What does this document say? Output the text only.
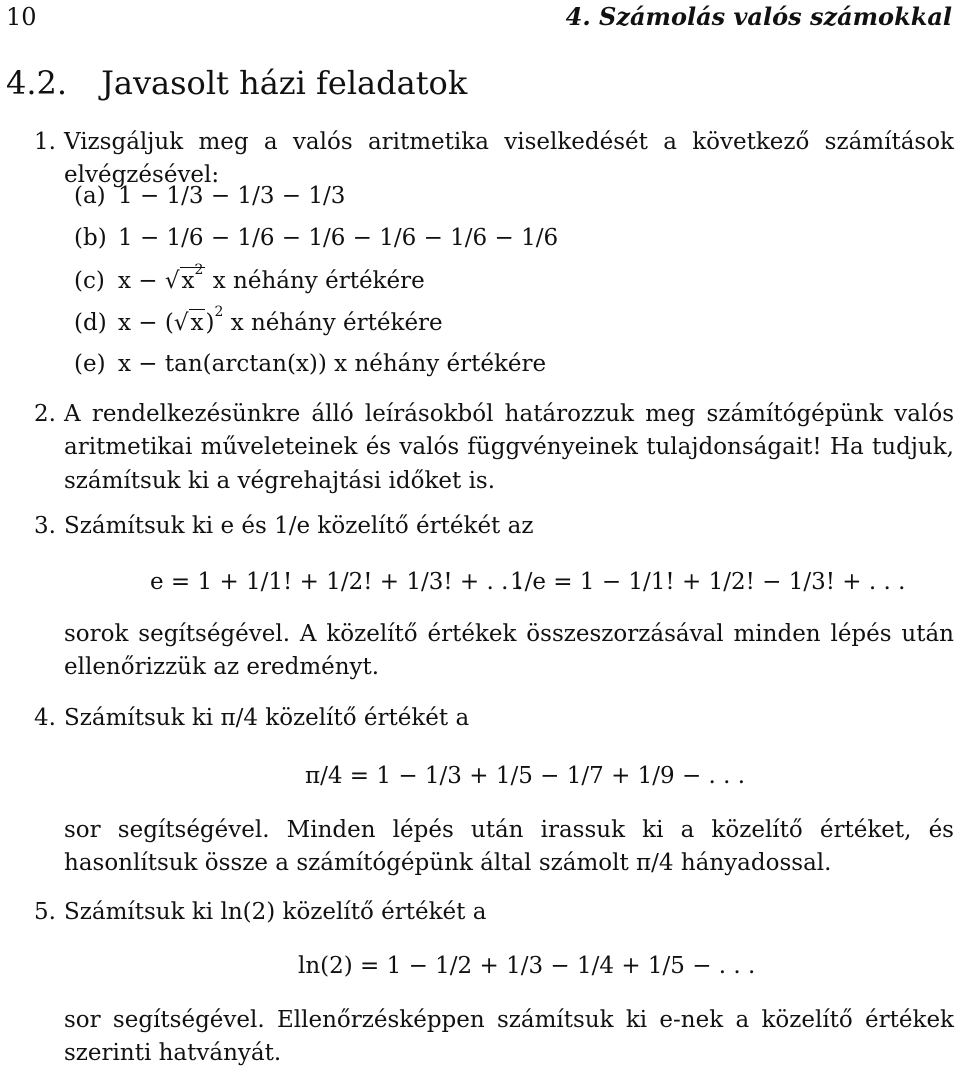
10	4. Számolás valós számokkal
4.2. Javasolt házi feladatok
1. Vizsgáljuk meg a valós aritmetika viselkedését a következő számítások elvégzésével:
(a) 1 − 1/3 − 1/3 − 1/3
(b) 1 − 1/6 − 1/6 − 1/6 − 1/6 − 1/6 − 1/6
(c) $x - √x^2$ x néhány értékére
(d) $x - (√x)^2$ x néhány értékére
(e) x − tan(arctan(x)) x néhány értékére
2. A rendelkezésünkre álló leírásokból határozzuk meg számítógépünk valós aritmetikai műveleteinek és valós függvényeinek tulajdonságait! Ha tudjuk, számítsuk ki a végrehajtási időket is.
3. Számítsuk ki e és 1/e közelítő értékét az
e = 1 + 1/1! + 1/2! + 1/3! + . . .
1/e = 1 − 1/1! + 1/2! − 1/3! + . . .
sorok segítségével. A közelítő értékek összeszorzásával minden lépés után ellenőrizzük az eredményt.
4. Számítsuk ki π/4 közelítő értékét a
π/4 = 1 − 1/3 + 1/5 − 1/7 + 1/9 − . . .
sor segítségével. Minden lépés után irassuk ki a közelítő értéket, és hasonlítsuk össze a számítógépünk által számolt π/4 hányadossal.
5. Számítsuk ki ln(2) közelítő értékét a
ln(2) = 1 − 1/2 + 1/3 − 1/4 + 1/5 − . . .
sor segítségével. Ellenőrzésképpen számítsuk ki e-nek a közelítő értékek szerinti hatványát.
